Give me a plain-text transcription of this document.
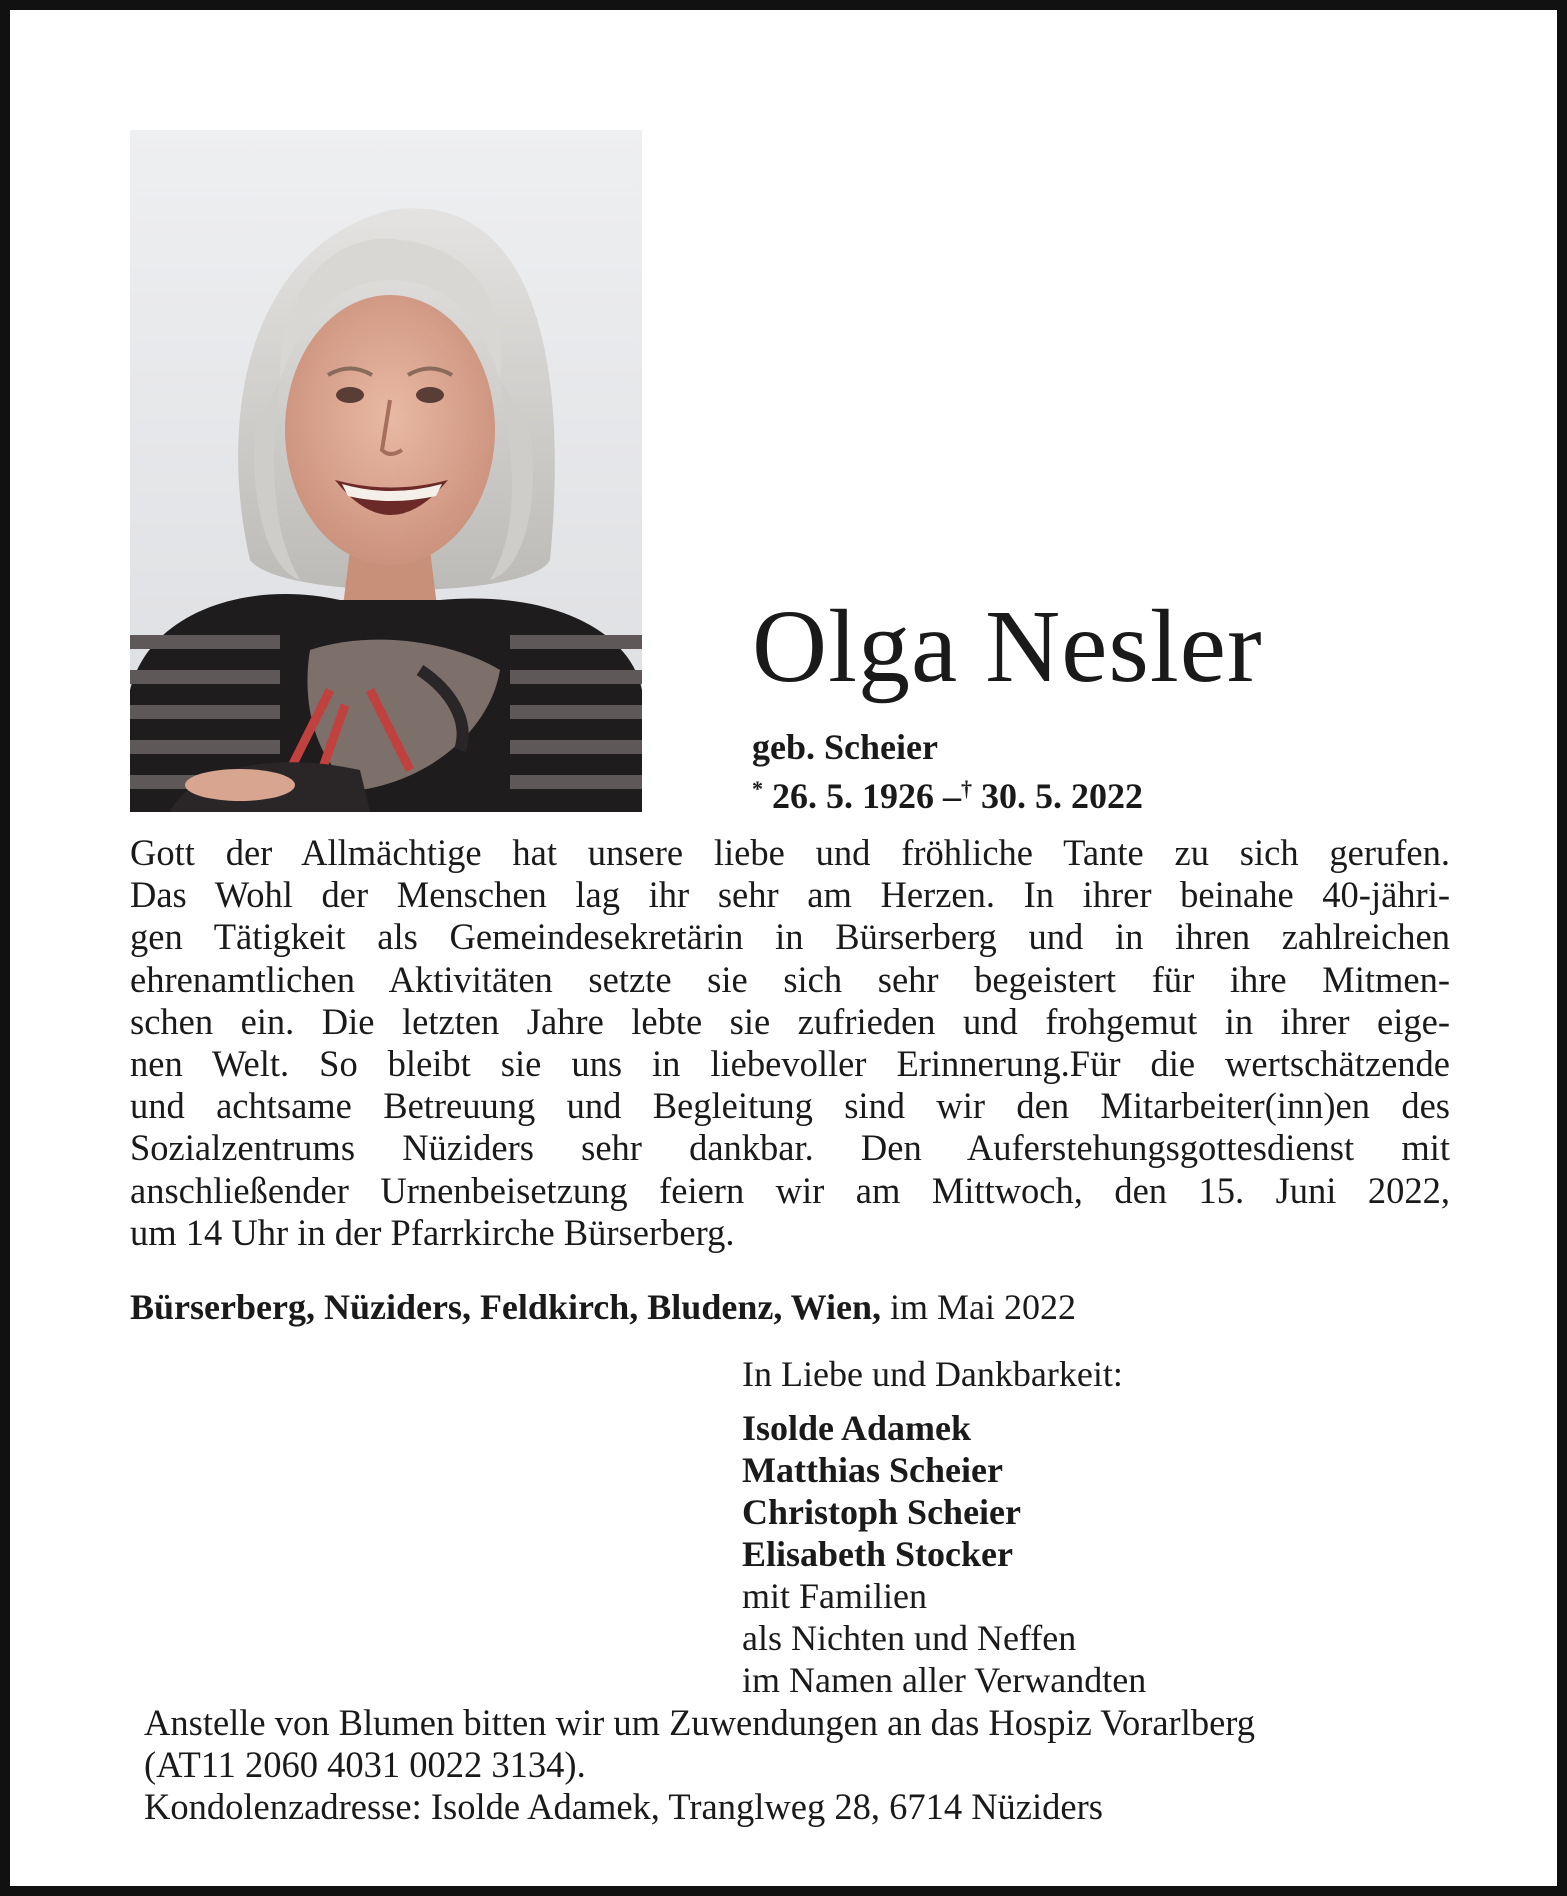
Olga Nesler
geb. Scheier
* 26. 5. 1926 –† 30. 5. 2022
Gott der Allmächtige hat unsere liebe und fröhliche Tante zu sich gerufen.
Das Wohl der Menschen lag ihr sehr am Herzen. In ihrer beinahe 40-jähri-
gen Tätigkeit als Gemeindesekretärin in Bürserberg und in ihren zahlreichen
ehrenamtlichen Aktivitäten setzte sie sich sehr begeistert für ihre Mitmen-
schen ein. Die letzten Jahre lebte sie zufrieden und frohgemut in ihrer eige-
nen Welt. So bleibt sie uns in liebevoller Erinnerung.Für die wertschätzende
und achtsame Betreuung und Begleitung sind wir den Mitarbeiter(inn)en des
Sozialzentrums Nüziders sehr dankbar. Den Auferstehungsgottesdienst mit
anschließender Urnenbeisetzung feiern wir am Mittwoch, den 15. Juni 2022,
um 14 Uhr in der Pfarrkirche Bürserberg.
Bürserberg, Nüziders, Feldkirch, Bludenz, Wien, im Mai 2022
In Liebe und Dankbarkeit:
Isolde Adamek
Matthias Scheier
Christoph Scheier
Elisabeth Stocker
mit Familien
als Nichten und Neffen
im Namen aller Verwandten
Anstelle von Blumen bitten wir um Zuwendungen an das Hospiz Vorarlberg
(AT11 2060 4031 0022 3134).
Kondolenzadresse: Isolde Adamek, Tranglweg 28, 6714 Nüziders
